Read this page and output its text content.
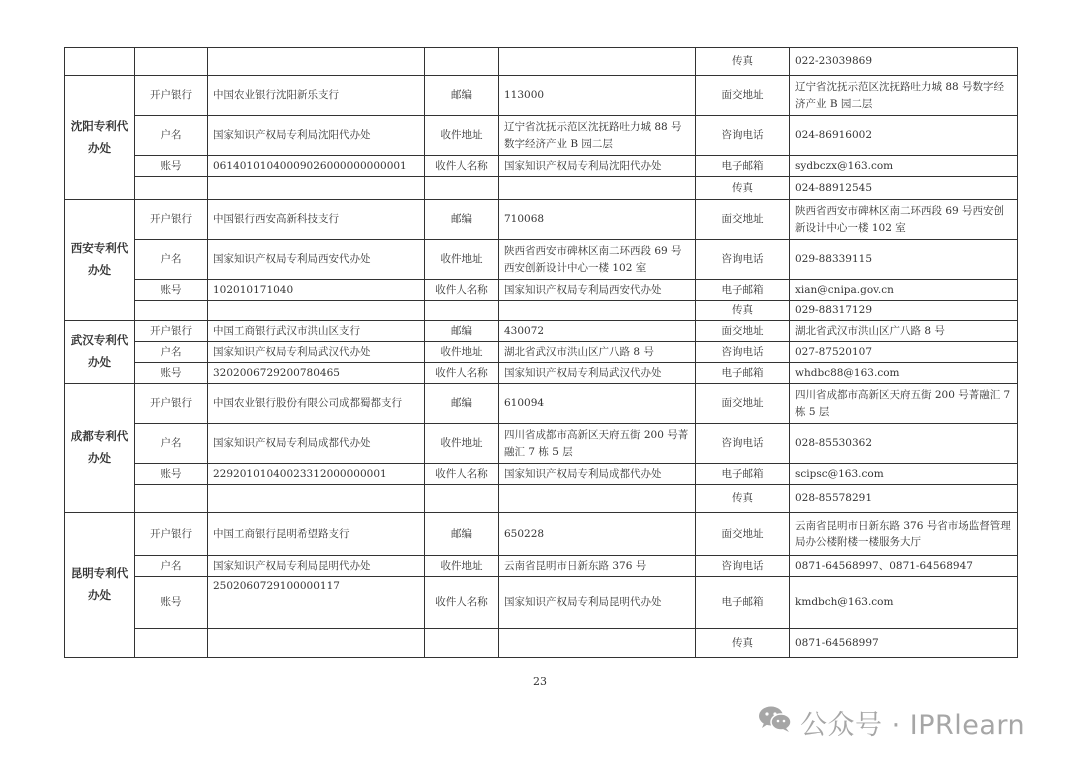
					传真	022-23039869
沈阳专利代办处	开户银行	中国农业银行沈阳新乐支行	邮编	113000	面交地址	辽宁省沈抚示范区沈抚路吐力城 88 号数字经济产业 B 园二层
	户名	国家知识产权局专利局沈阳代办处	收件地址	辽宁省沈抚示范区沈抚路吐力城 88 号数字经济产业 B 园二层	咨询电话	024-86916002
	账号	06140101040009026000000000001	收件人名称	国家知识产权局专利局沈阳代办处	电子邮箱	sydbczx@163.com
					传真	024-88912545
西安专利代办处	开户银行	中国银行西安高新科技支行	邮编	710068	面交地址	陕西省西安市碑林区南二环西段 69 号西安创新设计中心一楼 102 室
	户名	国家知识产权局专利局西安代办处	收件地址	陕西省西安市碑林区南二环西段 69 号西安创新设计中心一楼 102 室	咨询电话	029-88339115
	账号	102010171040	收件人名称	国家知识产权局专利局西安代办处	电子邮箱	xian@cnipa.gov.cn
					传真	029-88317129
武汉专利代办处	开户银行	中国工商银行武汉市洪山区支行	邮编	430072	面交地址	湖北省武汉市洪山区广八路 8 号
	户名	国家知识产权局专利局武汉代办处	收件地址	湖北省武汉市洪山区广八路 8 号	咨询电话	027-87520107
	账号	3202006729200780465	收件人名称	国家知识产权局专利局武汉代办处	电子邮箱	whdbc88@163.com
成都专利代办处	开户银行	中国农业银行股份有限公司成都蜀都支行	邮编	610094	面交地址	四川省成都市高新区天府五街 200 号菁融汇 7 栋 5 层
	户名	国家知识产权局专利局成都代办处	收件地址	四川省成都市高新区天府五街 200 号菁融汇 7 栋 5 层	咨询电话	028-85530362
	账号	22920101040023312000000001	收件人名称	国家知识产权局专利局成都代办处	电子邮箱	scipsc@163.com
					传真	028-85578291
昆明专利代办处	开户银行	中国工商银行昆明希望路支行	邮编	650228	面交地址	云南省昆明市日新东路 376 号省市场监督管理局办公楼附楼一楼服务大厅
	户名	国家知识产权局专利局昆明代办处	收件地址	云南省昆明市日新东路 376 号	咨询电话	0871-64568997、0871-64568947
	账号	2502060729100000117	收件人名称	国家知识产权局专利局昆明代办处	电子邮箱	kmdbch@163.com
					传真	0871-64568997
23
公众号 · IPRlearn
